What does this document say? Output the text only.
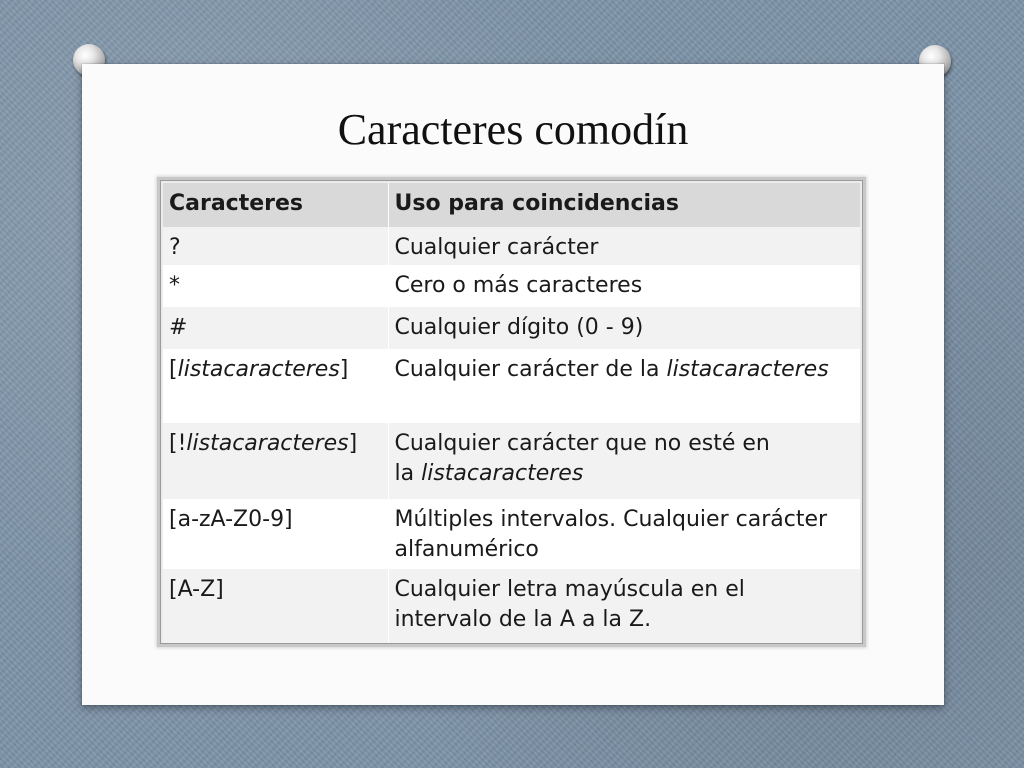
Caracteres comodín
Caracteres	Uso para coincidencias
?	Cualquier carácter
*	Cero o más caracteres
#	Cualquier dígito (0 - 9)
[listacaracteres]	Cualquier carácter de la listacaracteres
[!listacaracteres]	Cualquier carácter que no esté en
la listacaracteres
[a-zA-Z0-9]	Múltiples intervalos. Cualquier carácter
alfanumérico
[A-Z]	Cualquier letra mayúscula en el
intervalo de la A a la Z.
